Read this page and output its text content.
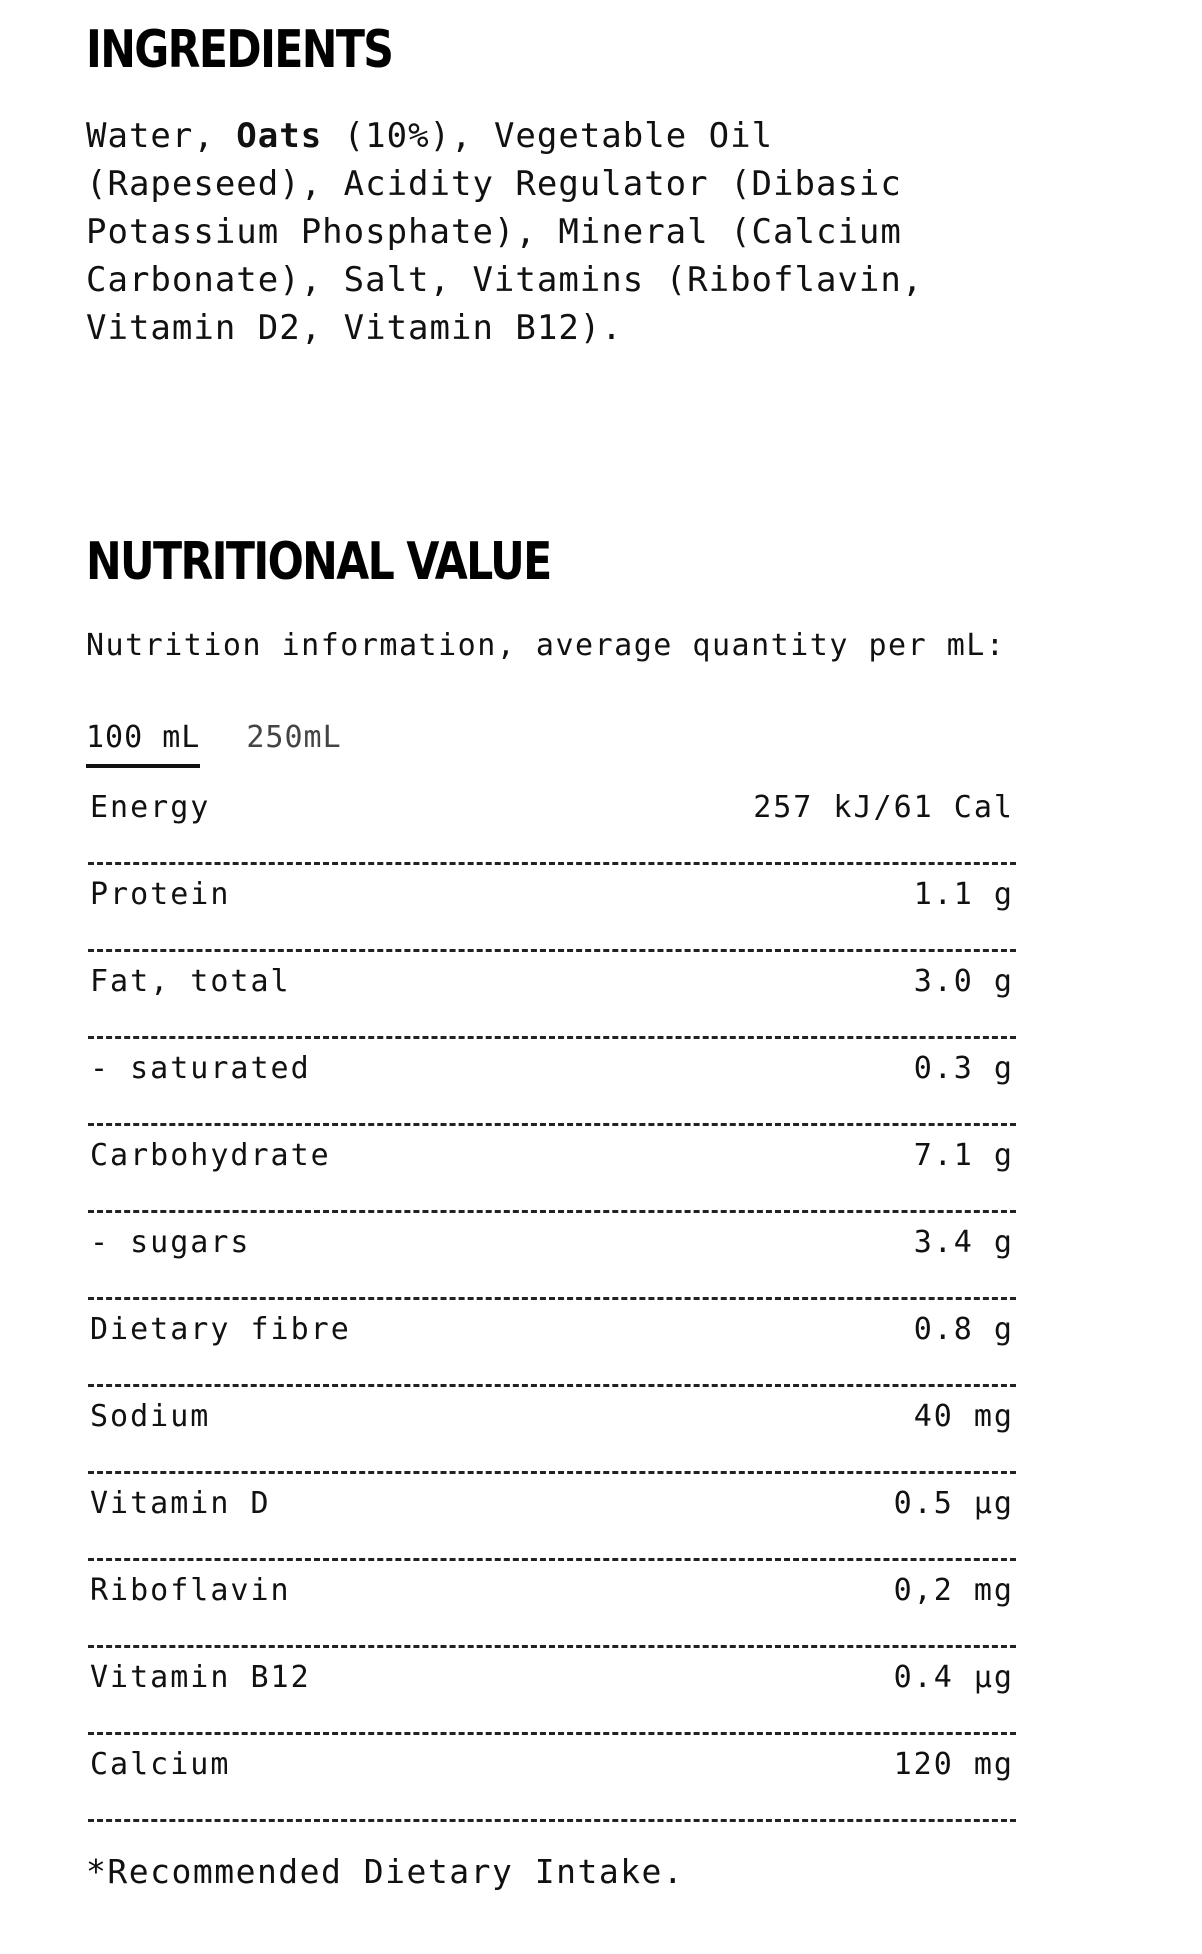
INGREDIENTS

Water, Oats (10%), Vegetable Oil
(Rapeseed), Acidity Regulator (Dibasic
Potassium Phosphate), Mineral (Calcium
Carbonate), Salt, Vitamins (Riboflavin,
Vitamin D2, Vitamin B12).

NUTRITIONAL VALUE

Nutrition information, average quantity per mL:

100 mL 250mL
Energy	257 kJ/61 Cal
Protein	1.1 g
Fat, total	3.0 g
- saturated	0.3 g
Carbohydrate	7.1 g
- sugars	3.4 g
Dietary fibre	0.8 g
Sodium	40 mg
Vitamin D	0.5 µg
Riboflavin	0,2 mg
Vitamin B12	0.4 µg
Calcium	120 mg

*Recommended Dietary Intake.
